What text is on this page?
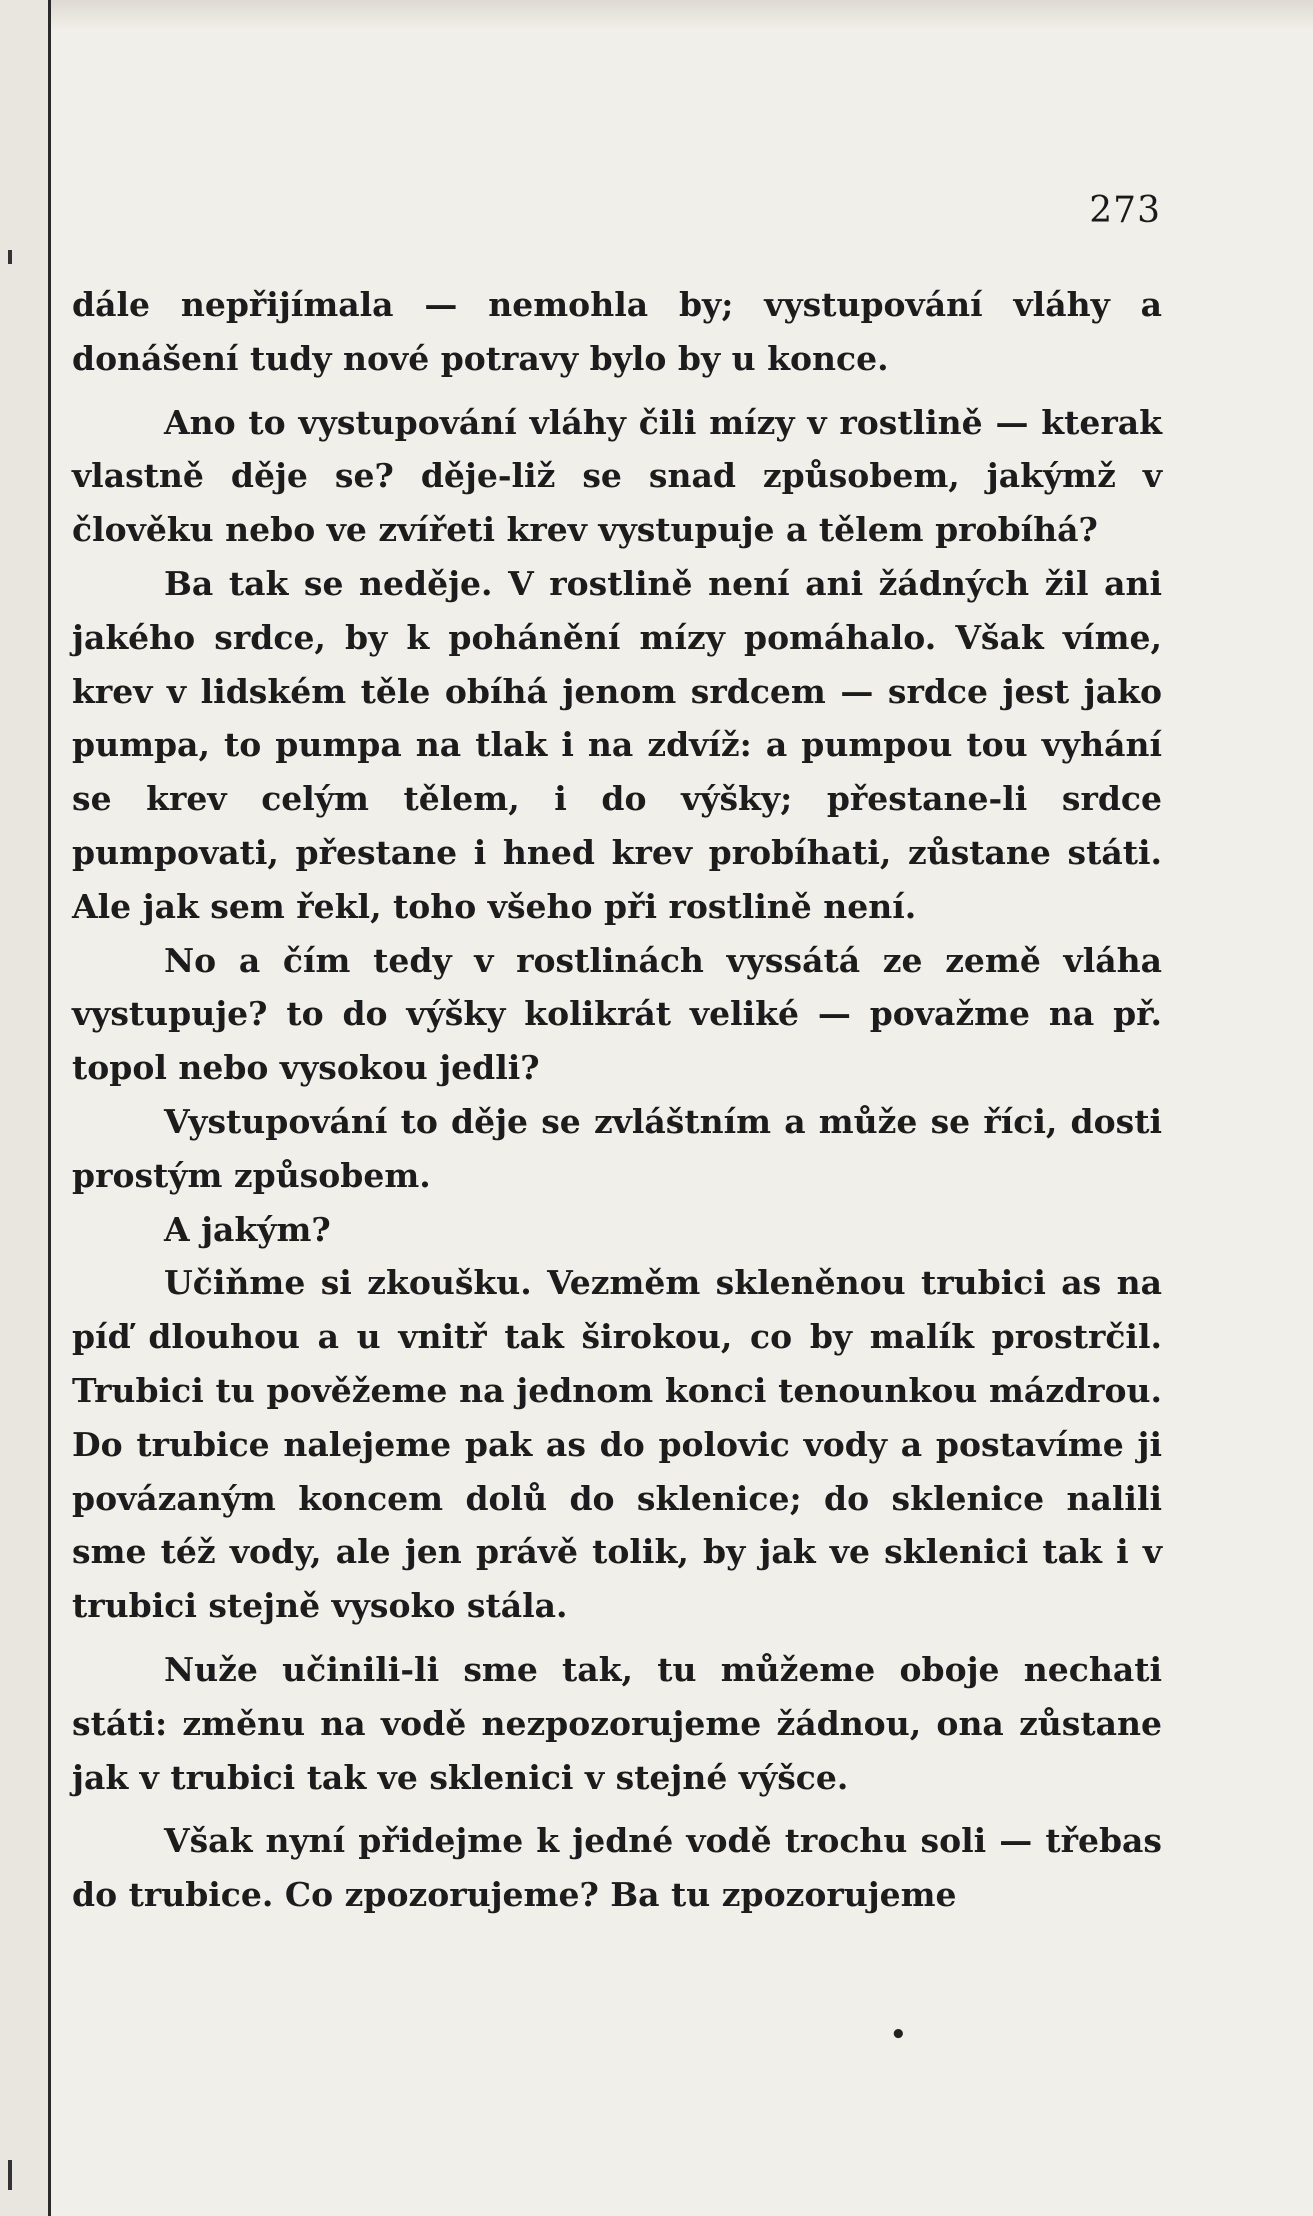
273

dále nepřijímala — nemohla by; vystupování vláhy a donášení tudy nové potravy bylo by u konce.

Ano to vystupování vláhy čili mízy v rostlině — kterak vlastně děje se? děje-liž se snad způsobem, jakýmž v člověku nebo ve zvířeti krev vystupuje a tělem probíhá?

Ba tak se neděje. V rostlině není ani žádných žil ani jakého srdce, by k pohánění mízy pomáhalo. Však víme, krev v lidském těle obíhá jenom srdcem — srdce jest jako pumpa, to pumpa na tlak i na zdvíž: a pumpou tou vyhání se krev celým tělem, i do výšky; přestane-li srdce pumpovati, přestane i hned krev probíhati, zůstane státi. Ale jak sem řekl, toho všeho při rostlině není.

No a čím tedy v rostlinách vyssátá ze země vláha vystupuje? to do výšky kolikrát veliké — považme na př. topol nebo vysokou jedli?

Vystupování to děje se zvláštním a může se říci, dosti prostým způsobem.

A jakým?

Učiňme si zkoušku. Vezměm skleněnou trubici as na píď dlouhou a u vnitř tak širokou, co by malík prostrčil. Trubici tu pověžeme na jednom konci tenounkou mázdrou. Do trubice nalejeme pak as do polovic vody a postavíme ji povázaným koncem dolů do sklenice; do sklenice nalili sme též vody, ale jen právě tolik, by jak ve sklenici tak i v trubici stejně vysoko stála.

Nuže učinili-li sme tak, tu můžeme oboje nechati státi: změnu na vodě nezpozorujeme žádnou, ona zůstane jak v trubici tak ve sklenici v stejné výšce.

Však nyní přidejme k jedné vodě trochu soli — třebas do trubice. Co zpozorujeme? Ba tu zpozorujeme

•
